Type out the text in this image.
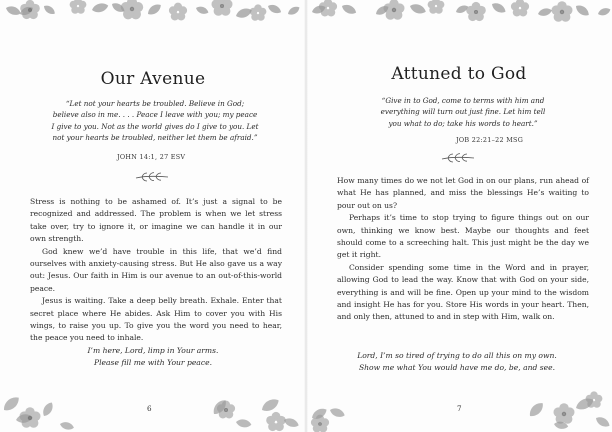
Our Avenue
“Let not your hearts be troubled. Believe in God;
believe also in me. . . . Peace I leave with you; my peace
I give to you. Not as the world gives do I give to you. Let
not your hearts be troubled, neither let them be afraid.”
JOHN 14:1, 27 ESV

Stress is nothing to be ashamed of. It’s just a signal to be recognized and addressed. The problem is when we let stress take over, try to ignore it, or imagine we can handle it in our own strength.

God knew we’d have trouble in this life, that we’d find ourselves with anxiety-causing stress. But He also gave us a way out: Jesus. Our faith in Him is our avenue to an out-of-this-world peace.

Jesus is waiting. Take a deep belly breath. Exhale. Enter that secret place where He abides. Ask Him to cover you with His wings, to raise you up. To give you the word you need to hear, the peace you need to inhale.

I’m here, Lord, limp in Your arms.
Please fill me with Your peace.
6
Attuned to God
“Give in to God, come to terms with him and
everything will turn out just fine. Let him tell
you what to do; take his words to heart.”
JOB 22:21–22 MSG

How many times do we not let God in on our plans, run ahead of what He has planned, and miss the blessings He’s waiting to pour out on us?

Perhaps it’s time to stop trying to figure things out on our own, thinking we know best. Maybe our thoughts and feet should come to a screeching halt. This just might be the day we get it right.

Consider spending some time in the Word and in prayer, allowing God to lead the way. Know that with God on your side, everything is and will be fine. Open up your mind to the wisdom and insight He has for you. Store His words in your heart. Then, and only then, attuned to and in step with Him, walk on.

Lord, I’m so tired of trying to do all this on my own.
Show me what You would have me do, be, and see.
7
